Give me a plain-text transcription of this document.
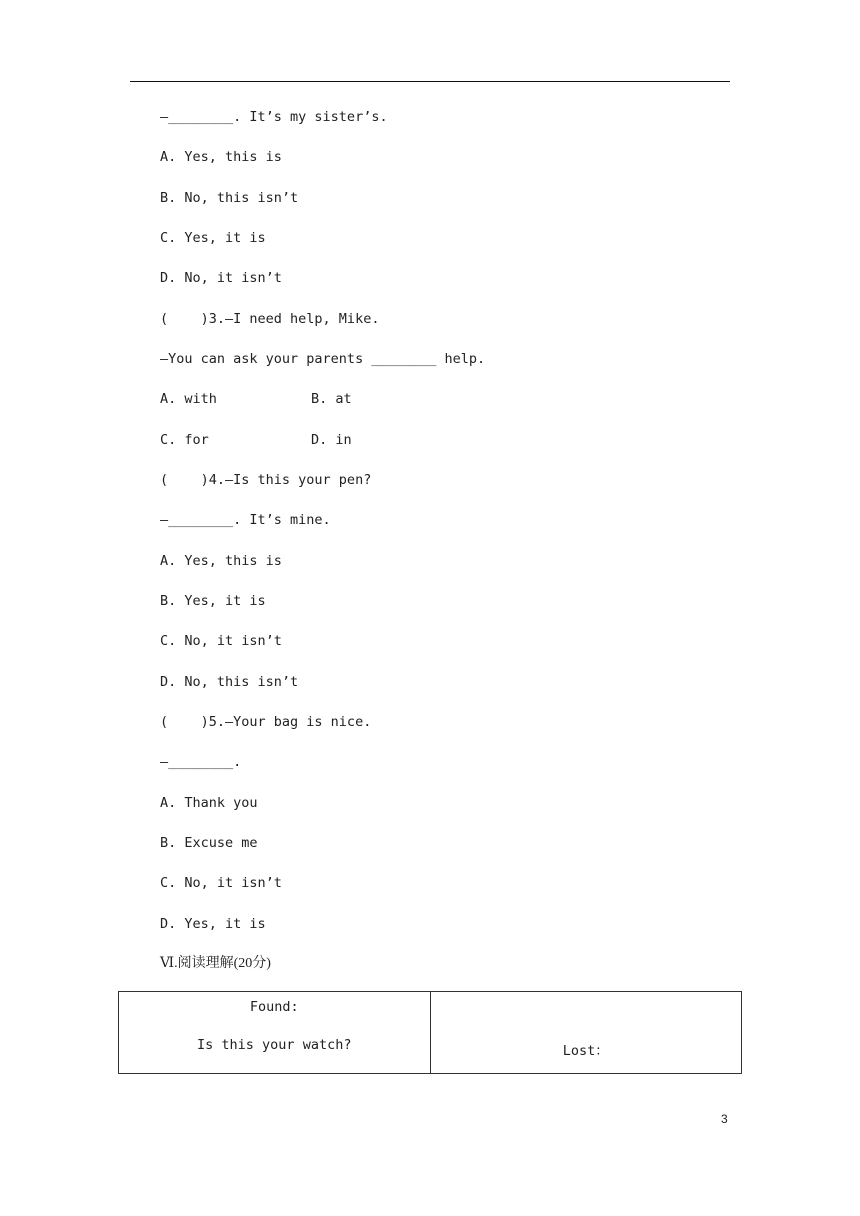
—________. It’s my sister’s.
A. Yes, this is
B. No, this isn’t
C. Yes, it is
D. No, it isn’t
(    )3.—I need help, Mike.
—You can ask your parents ________ help.
A. with	B. at
C. for	D. in
(    )4.—Is this your pen?
—________. It’s mine.
A. Yes, this is
B. Yes, it is
C. No, it isn’t
D. No, this isn’t
(    )5.—Your bag is nice.
—________.
A. Thank you
B. Excuse me
C. No, it isn’t
D. Yes, it is
Ⅵ.阅读理解(20分)
Found:
Is this your watch?	Lost：
3
